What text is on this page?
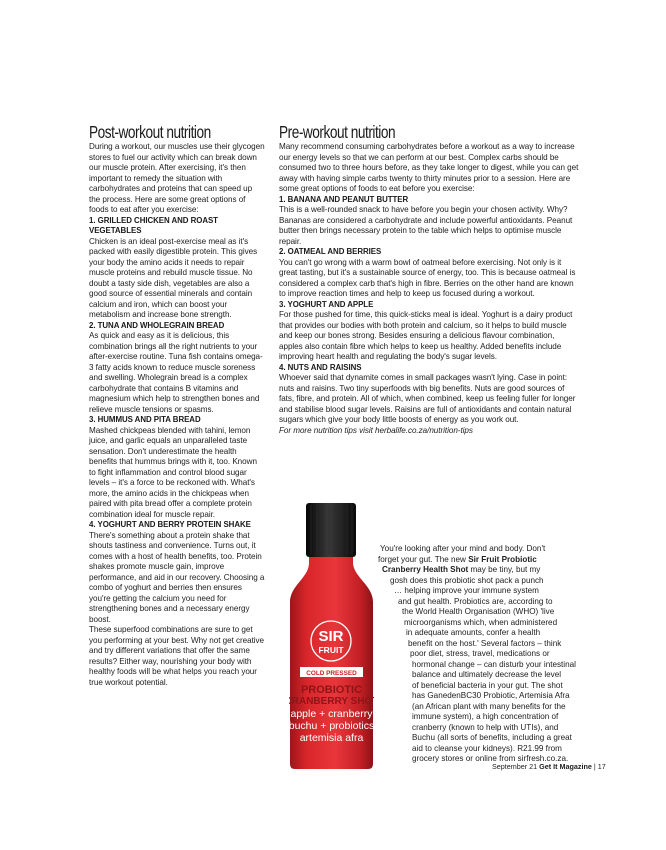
Post-workout nutrition

During a workout, our muscles use their glycogen stores to fuel our activity which can break down our muscle protein. After exercising, it's then important to remedy the situation with carbohydrates and proteins that can speed up the process. Here are some great options of foods to eat after you exercise:

1. GRILLED CHICKEN AND ROAST VEGETABLES

Chicken is an ideal post-exercise meal as it's packed with easily digestible protein. This gives your body the amino acids it needs to repair muscle proteins and rebuild muscle tissue. No doubt a tasty side dish, vegetables are also a good source of essential minerals and contain calcium and iron, which can boost your metabolism and increase bone strength.

2. TUNA AND WHOLEGRAIN BREAD

As quick and easy as it is delicious, this combination brings all the right nutrients to your after-exercise routine. Tuna fish contains omega-3 fatty acids known to reduce muscle soreness and swelling. Wholegrain bread is a complex carbohydrate that contains B vitamins and magnesium which help to strengthen bones and relieve muscle tensions or spasms.

3. HUMMUS AND PITA BREAD

Mashed chickpeas blended with tahini, lemon juice, and garlic equals an unparalleled taste sensation. Don't underestimate the health benefits that hummus brings with it, too. Known to fight inflammation and control blood sugar levels – it's a force to be reckoned with. What's more, the amino acids in the chickpeas when paired with pita bread offer a complete protein combination ideal for muscle repair.

4. YOGHURT AND BERRY PROTEIN SHAKE

There's something about a protein shake that shouts tastiness and convenience. Turns out, it comes with a host of health benefits, too. Protein shakes promote muscle gain, improve performance, and aid in our recovery. Choosing a combo of yoghurt and berries then ensures you're getting the calcium you need for strengthening bones and a necessary energy boost.

These superfood combinations are sure to get you performing at your best. Why not get creative and try different variations that offer the same results? Either way, nourishing your body with healthy foods will be what helps you reach your true workout potential.

Pre-workout nutrition

Many recommend consuming carbohydrates before a workout as a way to increase our energy levels so that we can perform at our best. Complex carbs should be consumed two to three hours before, as they take longer to digest, while you can get away with having simple carbs twenty to thirty minutes prior to a session. Here are some great options of foods to eat before you exercise:

1. BANANA AND PEANUT BUTTER

This is a well-rounded snack to have before you begin your chosen activity. Why? Bananas are considered a carbohydrate and include powerful antioxidants. Peanut butter then brings necessary protein to the table which helps to optimise muscle repair.

2. OATMEAL AND BERRIES

You can't go wrong with a warm bowl of oatmeal before exercising. Not only is it great tasting, but it's a sustainable source of energy, too. This is because oatmeal is considered a complex carb that's high in fibre. Berries on the other hand are known to improve reaction times and help to keep us focused during a workout.

3. YOGHURT AND APPLE

For those pushed for time, this quick-sticks meal is ideal. Yoghurt is a dairy product that provides our bodies with both protein and calcium, so it helps to build muscle and keep our bones strong. Besides ensuring a delicious flavour combination, apples also contain fibre which helps to keep us healthy. Added benefits include improving heart health and regulating the body's sugar levels.

4. NUTS AND RAISINS

Whoever said that dynamite comes in small packages wasn't lying. Case in point: nuts and raisins. Two tiny superfoods with big benefits. Nuts are good sources of fats, fibre, and protein. All of which, when combined, keep us feeling fuller for longer and stabilise blood sugar levels. Raisins are full of antioxidants and contain natural sugars which give your body little boosts of energy as you work out.

For more nutrition tips visit herbalife.co.za/nutrition-tips

SIR
FRUIT
COLD PRESSED
PROBIOTIC
CRANBERRY SHOT
apple + cranberry
buchu + probiotics
artemisia afra
You're looking after your mind and body. Don't
forget your gut. The new Sir Fruit Probiotic
Cranberry Health Shot may be tiny, but my
gosh does this probiotic shot pack a punch
… helping improve your immune system
and gut health. Probiotics are, according to
the World Health Organisation (WHO) 'live
microorganisms which, when administered
in adequate amounts, confer a health
benefit on the host.' Several factors – think
poor diet, stress, travel, medications or
hormonal change – can disturb your intestinal
balance and ultimately decrease the level
of beneficial bacteria in your gut. The shot
has GanedenBC30 Probiotic, Artemisia Afra
(an African plant with many benefits for the
immune system), a high concentration of
cranberry (known to help with UTIs), and
Buchu (all sorts of benefits, including a great
aid to cleanse your kidneys). R21.99 from
grocery stores or online from sirfresh.co.za.
September 21 Get It Magazine | 17
